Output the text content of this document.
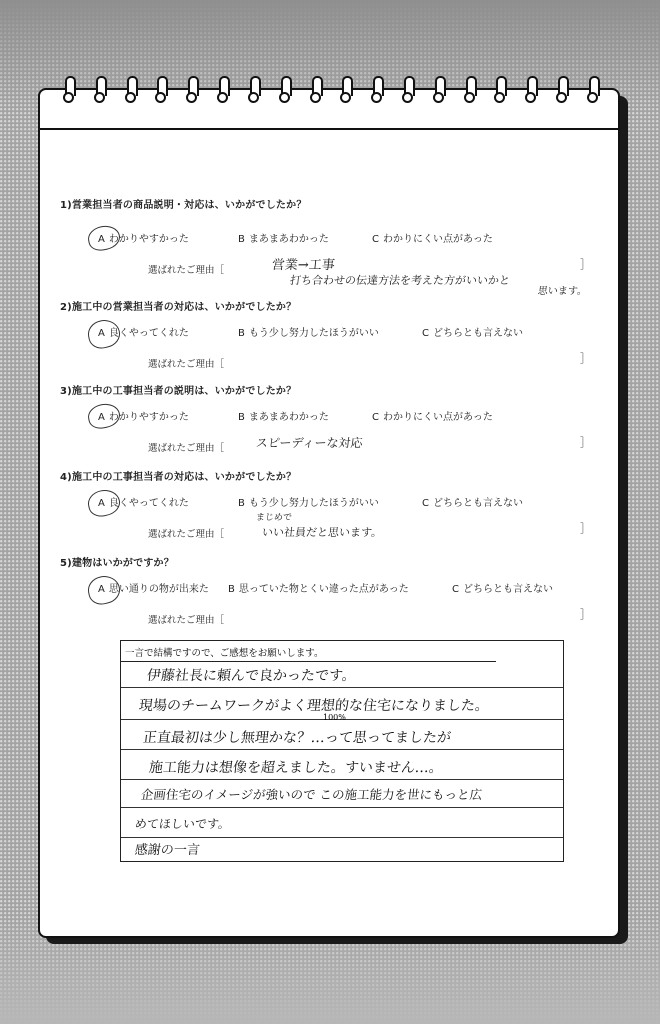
1)営業担当者の商品説明・対応は、いかがでしたか？
A わかりやすかった	B まあまあわかった	C わかりにくい点があった
選ばれたご理由［	営業→工事
打ち合わせの伝達方法を考えた方がいいかと
思います。
］
2)施工中の営業担当者の対応は、いかがでしたか？
A 良くやってくれた	B もう少し努力したほうがいい	C どちらとも言えない
選ばれたご理由［	］
3)施工中の工事担当者の説明は、いかがでしたか？
A わかりやすかった	B まあまあわかった	C わかりにくい点があった
選ばれたご理由［	スピーディーな対応	］
4)施工中の工事担当者の対応は、いかがでしたか？
A 良くやってくれた	B もう少し努力したほうがいい	C どちらとも言えない
選ばれたご理由［
まじめで
いい社員だと思います。	］
5)建物はいかがですか？
A 思い通りの物が出来た B 思っていた物とくい違った点があった	C どちらとも言えない
選ばれたご理由［	］
一言で結構ですので、ご感想をお願いします。
伊藤社長に頼んで良かったです。
現場のチームワークがよく理想的な住宅になりました。
100%
正直最初は少し無理かな？…って思ってましたが
施工能力は想像を超えました。すいません…。
企画住宅のイメージが強いので この施工能力を世にもっと広
めてほしいです。
感謝の一言
